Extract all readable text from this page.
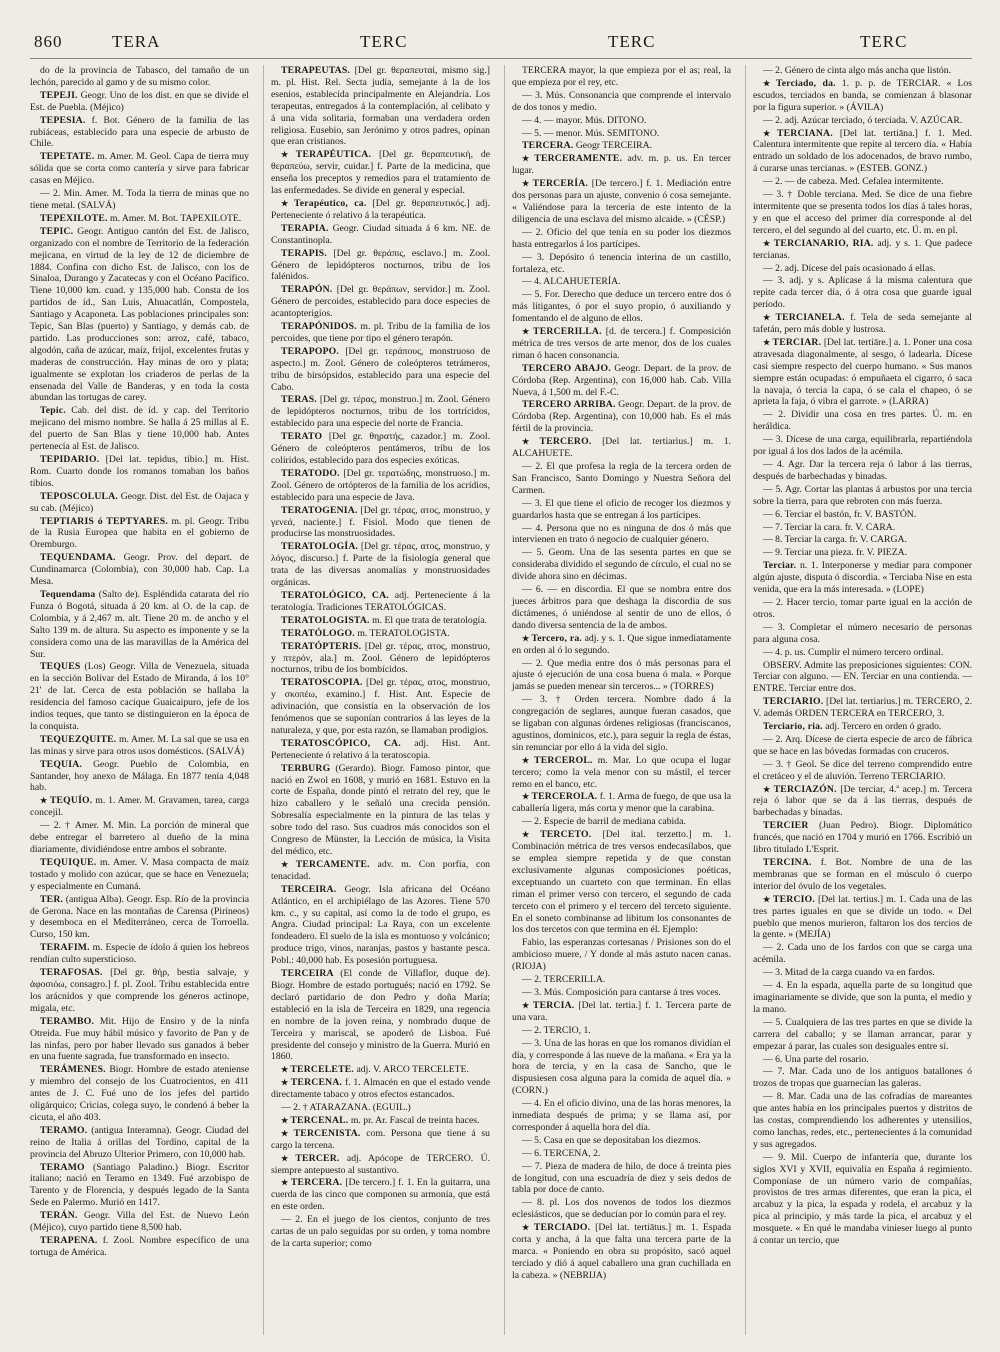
860	TERA	TERC	TERC	TERC

do de la provincia de Tabasco, del tamaño de un lechón, parecido al gamo y de su mismo color.

TEPEJI. Geogr. Uno de los dist. en que se divide el Est. de Puebla. (Méjico)

TEPESIA. f. Bot. Género de la familia de las rubiáceas, establecido para una especie de arbusto de Chile.

TEPETATE. m. Amer. M. Geol. Capa de tierra muy sólida que se corta como cantería y sirve para fabricar casas en Méjico.

— 2. Min. Amer. M. Toda la tierra de minas que no tiene metal. (SALVÁ)

TEPEXILOTE. m. Amer. M. Bot. TAPEXILOTE.

TEPIC. Geogr. Antiguo cantón del Est. de Jalisco, organizado con el nombre de Territorio de la federación mejicana, en virtud de la ley de 12 de diciembre de 1884. Confina con dicho Est. de Jalisco, con los de Sinaloa, Durango y Zacatecas y con el Océano Pacífico. Tiene 10,000 km. cuad. y 135,000 hab. Consta de los partidos de íd., San Luis, Ahuacatlán, Compostela, Santiago y Acaponeta. Las poblaciones principales son: Tepic, San Blas (puerto) y Santiago, y demás cab. de partido. Las producciones son: arroz, café, tabaco, algodón, caña de azúcar, maíz, frijol, excelentes frutas y maderas de construcción. Hay minas de oro y plata; igualmente se explotan los criaderos de perlas de la ensenada del Valle de Banderas, y en toda la costa abundan las tortugas de carey.

Tepic. Cab. del dist. de íd. y cap. del Territorio mejicano del mismo nombre. Se halla á 25 millas al E. del puerto de San Blas y tiene 10,000 hab. Antes pertenecía al Est. de Jalisco.

TEPIDARIO. [Del lat. tepidus, tibio.] m. Hist. Rom. Cuarto donde los romanos tomaban los baños tibios.

TEPOSCOLULA. Geogr. Dist. del Est. de Oajaca y su cab. (Méjico)

TEPTIARIS ó TEPTYARES. m. pl. Geogr. Tribu de la Rusia Europea que habita en el gobierno de Oremburgo.

TEQUENDAMA. Geogr. Prov. del depart. de Cundinamarca (Colombia), con 30,000 hab. Cap. La Mesa.

Tequendama (Salto de). Espléndida catarata del río Funza ó Bogotá, situada á 20 km. al O. de la cap. de Colombia, y á 2,467 m. alt. Tiene 20 m. de ancho y el Salto 139 m. de altura. Su aspecto es imponente y se la considera como una de las maravillas de la América del Sur.

TEQUES (Los) Geogr. Villa de Venezuela, situada en la sección Bolívar del Estado de Miranda, á los 10° 21' de lat. Cerca de esta población se hallaba la residencia del famoso cacique Guaicaipuro, jefe de los indios teques, que tanto se distinguieron en la época de la conquista.

TEQUEZQUITE. m. Amer. M. La sal que se usa en las minas y sirve para otros usos domésticos. (SALVÁ)

TEQUIA. Geogr. Pueblo de Colombia, en Santander, hoy anexo de Málaga. En 1877 tenía 4,048 hab.

★ TEQUÍO. m. 1. Amer. M. Gravamen, tarea, carga concejil.

— 2. † Amer. M. Min. La porción de mineral que debe entregar el barretero al dueño de la mina diariamente, dividiéndose entre ambos el sobrante.

TEQUIQUE. m. Amer. V. Masa compacta de maíz tostado y molido con azúcar, que se hace en Venezuela; y especialmente en Cumaná.

TER. (antigua Alba). Geogr. Esp. Río de la provincia de Gerona. Nace en las montañas de Carensa (Pirineos) y desemboca en el Mediterráneo, cerca de Torroella. Curso, 150 km.

TERAFIM. m. Especie de ídolo á quien los hebreos rendían culto supersticioso.

TERAFOSAS. [Del gr. θήρ, bestia salvaje, y ἀφοσιόω, consagro.] f. pl. Zool. Tribu establecida entre los arácnidos y que comprende los géneros actinope, migala, etc.

TERAMBO. Mit. Hijo de Ensiro y de la ninfa Otreida. Fue muy hábil músico y favorito de Pan y de las ninfas, pero por haber llevado sus ganados á beber en una fuente sagrada, fue transformado en insecto.

TERÁMENES. Biogr. Hombre de estado ateniense y miembro del consejo de los Cuatrocientos, en 411 antes de J. C. Fué uno de los jefes del partido oligárquico; Cricias, colega suyo, le condenó á beber la cicuta, el año 403.

TERAMO. (antigua Interamna). Geogr. Ciudad del reino de Italia á orillas del Tordino, capital de la provincia del Abruzo Ulterior Primero, con 10,000 hab.

TERAMO (Santiago Paladino.) Biogr. Escritor italiano; nació en Teramo en 1349. Fué arzobispo de Tarento y de Florencia, y después legado de la Santa Sede en Palermo. Murió en 1417.

TERÁN. Geogr. Villa del Est. de Nuevo León (Méjico), cuyo partido tiene 8,500 hab.

TERAPENA. f. Zool. Nombre específico de una tortuga de América.

TERAPEUTAS. [Del gr. θεραπευταί, mismo sig.] m. pl. Hist. Rel. Secta judía, semejante á la de los esenios, establecida principalmente en Alejandría. Los terapeutas, entregados á la contemplación, al celibato y á una vida solitaria, formaban una verdadera orden religiosa. Eusebio, san Jerónimo y otros padres, opinan que eran cristianos.

★ TERAPÉUTICA. [Del gr. θεραπευτική, de θεραπεύω, servir, cuidar.] f. Parte de la medicina, que enseña los preceptos y remedios para el tratamiento de las enfermedades. Se divide en general y especial.

★ Terapéutico, ca. [Del gr. θεραπευτικός.] adj. Perteneciente ó relativo á la terapéutica.

TERAPIA. Geogr. Ciudad situada á 6 km. NE. de Constantinopla.

TERAPIS. [Del gr. θεράπις, esclavo.] m. Zool. Género de lepidópteros nocturnos, tribu de los falénidos.

TERAPÓN. [Del gr. θεράπων, servidor.] m. Zool. Género de percoides, establecido para doce especies de acantopterigios.

TERAPÓNIDOS. m. pl. Tribu de la familia de los percoides, que tiene por tipo el género terapón.

TERAPOPO. [Del gr. τεράπους, monstruoso de aspecto.] m. Zool. Género de coleópteros tetrámeros, tribu de birsópsidos, establecido para una especie del Cabo.

TERAS. [Del gr. τέρας, monstruo.] m. Zool. Género de lepidópteros nocturnos, tribu de los tortrícidos, establecido para una especie del norte de Francia.

TERATO [Del gr. θηρατής, cazador.] m. Zool. Género de coleópteros pentámeros, tribu de los colíridos, establecido para dos especies exóticas.

TERATODO. [Del gr. τερατώδης, monstruoso.] m. Zool. Género de ortópteros de la familia de los acrídios, establecido para una especie de Java.

TERATOGENIA. [Del gr. τέρας, ατος, monstruo, y γενεά, naciente.] f. Fisiol. Modo que tienen de producirse las monstruosidades.

TERATOLOGÍA. [Del gr. τέρας, ατος, monstruo, y λόγος, discurso.] f. Parte de la fisiología general que trata de las diversas anomalías y monstruosidades orgánicas.

TERATOLÓGICO, CA. adj. Perteneciente á la teratología. Tradiciones TERATOLÓGICAS.

TERATOLOGISTA. m. El que trata de teratología.

TERATÓLOGO. m. TERATOLOGISTA.

TERATÓPTERIS. [Del gr. τέρας, ατος, monstruo, y πτερόν, ala.] m. Zool. Género de lepidópteros nocturnos, tribu de los bombícidos.

TERATOSCOPIA. [Del gr. τέρας, ατος, monstruo, y σκοπέω, examino.] f. Hist. Ant. Especie de adivinación, que consistía en la observación de los fenómenos que se suponían contrarios á las leyes de la naturaleza, y que, por esta razón, se llamaban prodigios.

TERATOSCÓPICO, CA. adj. Hist. Ant. Perteneciente ó relativo á la teratoscopia.

TERBURG (Gerardo). Biogr. Famoso pintor, que nació en Zwol en 1608, y murió en 1681. Estuvo en la corte de España, donde pintó el retrato del rey, que le hizo caballero y le señaló una crecida pensión. Sobresalía especialmente en la pintura de las telas y sobre todo del raso. Sus cuadros más conocidos son el Congreso de Münster, la Lección de música, la Visita del médico, etc.

★ TERCAMENTE. adv. m. Con porfía, con tenacidad.

TERCEIRA. Geogr. Isla africana del Océano Atlántico, en el archipiélago de las Azores. Tiene 570 km. c., y su capital, así como la de todo el grupo, es Angra. Ciudad principal: La Raya, con un excelente fondeadero. El suelo de la isla es montuoso y volcánico; produce trigo, vinos, naranjas, pastos y bastante pesca. Pobl.: 40,000 hab. Es posesión portuguesa.

TERCEIRA (El conde de Villaflor, duque de). Biogr. Hombre de estado portugués; nació en 1792. Se declaró partidario de don Pedro y doña María; estableció en la isla de Terceira en 1829, una regencia en nombre de la joven reina, y nombrado duque de Terceira y mariscal, se apoderó de Lisboa. Fué presidente del consejo y ministro de la Guerra. Murió en 1860.

★ TERCELETE. adj. V. ARCO TERCELETE.

★ TERCENA. f. 1. Almacén en que el estado vende directamente tabaco y otros efectos estancados.

— 2. † ATARAZANA. (EGUIL.)

★ TERCENAL. m. pr. Ar. Fascal de treinta haces.

★ TERCENISTA. com. Persona que tiene á su cargo la tercena.

★ TERCER. adj. Apócope de TERCERO. Ú. siempre antepuesto al sustantivo.

★ TERCERA. [De tercero.] f. 1. En la guitarra, una cuerda de las cinco que componen su armonía, que está en este orden.

— 2. En el juego de los cientos, conjunto de tres cartas de un palo seguidas por su orden, y toma nombre de la carta superior; como

TERCERA mayor, la que empieza por el as; real, la que empieza por el rey, etc.

— 3. Mús. Consonancia que comprende el intervalo de dos tonos y medio.

— 4. — mayor. Mús. DITONO.

— 5. — menor. Mús. SEMITONO.

TERCERA. Geogr TERCEIRA.

★ TERCERAMENTE. adv. m. p. us. En tercer lugar.

★ TERCERÍA. [De tercero.] f. 1. Mediación entre dos personas para un ajuste, convenio ó cosa semejante. « Valiéndose para la tercería de este intento de la diligencia de una esclava del mismo alcaide. » (CÉSP.)

— 2. Oficio del que tenía en su poder los diezmos hasta entregarlos á los partícipes.

— 3. Depósito ó tenencia interina de un castillo, fortaleza, etc.

— 4. ALCAHUETERÍA.

— 5. For. Derecho que deduce un tercero entre dos ó más litigantes, ó por el suyo propio, ó auxiliando y fomentando el de alguno de ellos.

★ TERCERILLA. [d. de tercera.] f. Composición métrica de tres versos de arte menor, dos de los cuales riman ó hacen consonancia.

TERCERO ABAJO. Geogr. Depart. de la prov. de Córdoba (Rep. Argentina), con 16,000 hab. Cab. Villa Nueva, á 1,500 m. del F.-C.

TERCERO ARRIBA. Geogr. Depart. de la prov. de Córdoba (Rep. Argentina), con 10,000 hab. Es el más fértil de la provincia.

★ TERCERO. [Del lat. tertiarius.] m. 1. ALCAHUETE.

— 2. El que profesa la regla de la tercera orden de San Francisco, Santo Domingo y Nuestra Señora del Carmen.

— 3. El que tiene el oficio de recoger los diezmos y guardarlos hasta que se entregan á los partícipes.

— 4. Persona que no es ninguna de dos ó más que intervienen en trato ó negocio de cualquier género.

— 5. Geom. Una de las sesenta partes en que se consideraba dividido el segundo de círculo, el cual no se divide ahora sino en décimas.

— 6. — en discordia. El que se nombra entre dos jueces árbitros para que deshaga la discordia de sus dictámenes, ó uniéndose al sentir de uno de ellos, ó dando diversa sentencia de la de ambos.

★ Tercero, ra. adj. y s. 1. Que sigue inmediatamente en orden al ó lo segundo.

— 2. Que media entre dos ó más personas para el ajuste ó ejecución de una cosa buena ó mala. « Porque jamás se pueden menear sin terceros... » (TORRES)

— 3. † Orden tercera. Nombre dado á la congregación de seglares, aunque fueran casados, que se ligaban con algunas órdenes religiosas (franciscanos, agustinos, dominicos, etc.), para seguir la regla de éstas, sin renunciar por ello á la vida del siglo.

★ TERCEROL. m. Mar. Lo que ocupa el lugar tercero; como la vela menor con su mástil, el tercer remo en el banco, etc.

★ TERCEROLA. f. 1. Arma de fuego, de que usa la caballería ligera, más corta y menor que la carabina.

— 2. Especie de barril de mediana cabida.

★ TERCETO. [Del ital. terzetto.] m. 1. Combinación métrica de tres versos endecasílabos, que se emplea siempre repetida y de que constan exclusivamente algunas composiciones poéticas, exceptuando un cuarteto con que terminan. En ellas riman el primer verso con tercero, el segundo de cada terceto con el primero y el tercero del terceto siguiente. En el soneto combinanse ad libitum los consonantes de los dos tercetos con que termina en él. Ejemplo:

Fabio, las esperanzas cortesanas / Prisiones son do el ambicioso muere, / Y donde al más astuto nacen canas. (RIOJA)

— 2. TERCERILLA.

— 3. Mús. Composición para cantarse á tres voces.

★ TERCIA. [Del lat. tertia.] f. 1. Tercera parte de una vara.

— 2. TERCIO, 1.

— 3. Una de las horas en que los romanos dividían el día, y corresponde á las nueve de la mañana. « Era ya la hora de tercia, y en la casa de Sancho, que le dispusiesen cosa alguna para la comida de aquel día. » (CORN.)

— 4. En el oficio divino, una de las horas menores, la inmediata después de prima; y se llama así, por corresponder á aquella hora del día.

— 5. Casa en que se depositaban los diezmos.

— 6. TERCENA, 2.

— 7. Pieza de madera de hilo, de doce á treinta pies de longitud, con una escuadría de diez y seis dedos de tabla por doce de canto.

— 8. pl. Los dos novenos de todos los diezmos eclesiásticos, que se deducían por lo común para el rey.

★ TERCIADO. [Del lat. tertiātus.] m. 1. Espada corta y ancha, á la que falta una tercera parte de la marca. « Poniendo en obra su propósito, sacó aquel terciado y dió á aquel caballero una gran cuchillada en la cabeza. » (NEBRIJA)

— 2. Género de cinta algo más ancha que listón.

★ Terciado, da. 1. p. p. de TERCIAR. « Los escudos, terciados en banda, se comienzan á blasonar por la figura superior. » (ÁVILA)

— 2. adj. Azúcar terciado, ó terciada. V. AZÚCAR.

★ TERCIANA. [Del lat. tertiāna.] f. 1. Med. Calentura intermitente que repite al tercero día. « Había entrado un soldado de los adocenados, de bravo rumbo, á curarse unas tercianas. » (ESTEB. GONZ.)

— 2. — de cabeza. Med. Cefalea intermitente.

— 3. † Doble terciana. Med. Se dice de una fiebre intermitente que se presenta todos los días á tales horas, y en que el acceso del primer día corresponde al del tercero, el del segundo al del cuarto, etc. Ú. m. en pl.

★ TERCIANARIO, RIA. adj. y s. 1. Que padece tercianas.

— 2. adj. Dícese del país ocasionado á ellas.

— 3. adj. y s. Aplícase á la misma calentura que repite cada tercer día, ó á otra cosa que guarde igual período.

★ TERCIANELA. f. Tela de seda semejante al tafetán, pero más doble y lustrosa.

★ TERCIAR. [Del lat. tertiāre.] a. 1. Poner una cosa atravesada diagonalmente, al sesgo, ó ladearla. Dícese casi siempre respecto del cuerpo humano. « Sus manos siempre están ocupadas: ó empuñaeta el cigarro, ó saca la navaja, ó tercia la capa, ó se cala el chapeo, ó se aprieta la faja, ó vibra el garrote. » (LARRA)

— 2. Dividir una cosa en tres partes. Ú. m. en heráldica.

— 3. Dícese de una carga, equilibrarla, repartiéndola por igual á los dos lados de la acémila.

— 4. Agr. Dar la tercera reja ó labor á las tierras, después de barbechadas y binadas.

— 5. Agr. Cortar las plantas á arbustos por una tercia sobre la tierra, para que rebroten con más fuerza.

— 6. Terciar el bastón, fr. V. BASTÓN.

— 7. Terciar la cara. fr. V. CARA.

— 8. Terciar la carga. fr. V. CARGA.

— 9. Terciar una pieza. fr. V. PIEZA.

Terciar. n. 1. Interponerse y mediar para componer algún ajuste, disputa ó discordia. « Terciaba Nise en esta venida, que era la más interesada. » (LOPE)

— 2. Hacer tercio, tomar parte igual en la acción de otros.

— 3. Completar el número necesario de personas para alguna cosa.

— 4. p. us. Cumplir el número tercero ordinal.

OBSERV. Admite las preposiciones siguientes: CON. Terciar con alguno. — EN. Terciar en una contienda. — ENTRE. Terciar entre dos.

TERCIARIO. [Del lat. tertiarius.] m. TERCERO, 2. V. además ORDEN TERCERA en TERCERO, 3.

Terciario, ria. adj. Tercero en orden ó grado.

— 2. Arq. Dícese de cierta especie de arco de fábrica que se hace en las bóvedas formadas con cruceros.

— 3. † Geol. Se dice del terreno comprendido entre el cretáceo y el de aluvión. Terreno TERCIARIO.

★ TERCIAZÓN. [De terciar, 4.ª acep.] m. Tercera reja ó labor que se da á las tierras, después de barbechadas y binadas.

TERCIER (Juan Pedro). Biogr. Diplomático francés, que nació en 1704 y murió en 1766. Escribió un libro titulado L'Esprit.

TERCINA. f. Bot. Nombre de una de las membranas que se forman en el músculo ó cuerpo interior del óvulo de los vegetales.

★ TERCIO. [Del lat. tertius.] m. 1. Cada una de las tres partes iguales en que se divide un todo. « Del pueblo que menos murieron, faltaron los dos tercios de la gente. » (MEJÍA)

— 2. Cada uno de los fardos con que se carga una acémila.

— 3. Mitad de la carga cuando va en fardos.

— 4. En la espada, aquella parte de su longitud que imaginariamente se divide, que son la punta, el medio y la mano.

— 5. Cualquiera de las tres partes en que se divide la carrera del caballo; y se llaman arrancar, parar y empezar á parar, las cuales son desiguales entre sí.

— 6. Una parte del rosario.

— 7. Mar. Cada uno de los antiguos batallones ó trozos de tropas que guarnecían las galeras.

— 8. Mar. Cada una de las cofradías de mareantes que antes había en los principales puertos y distritos de las costas, comprendiendo los adherentes y utensilios, como lanchas, redes, etc., pertenecientes á la comunidad y sus agregados.

— 9. Mil. Cuerpo de infantería que, durante los siglos XVI y XVII, equivalía en España á regimiento. Componíase de un número vario de compañías, provistos de tres armas diferentes, que eran la pica, el arcabuz y la pica, la espada y rodela, el arcabuz y la pica al principio, y más tarde la pica, el arcabuz y el mosquete. « En qué le mandaba vinieser luego al punto á contar un tercio, que
